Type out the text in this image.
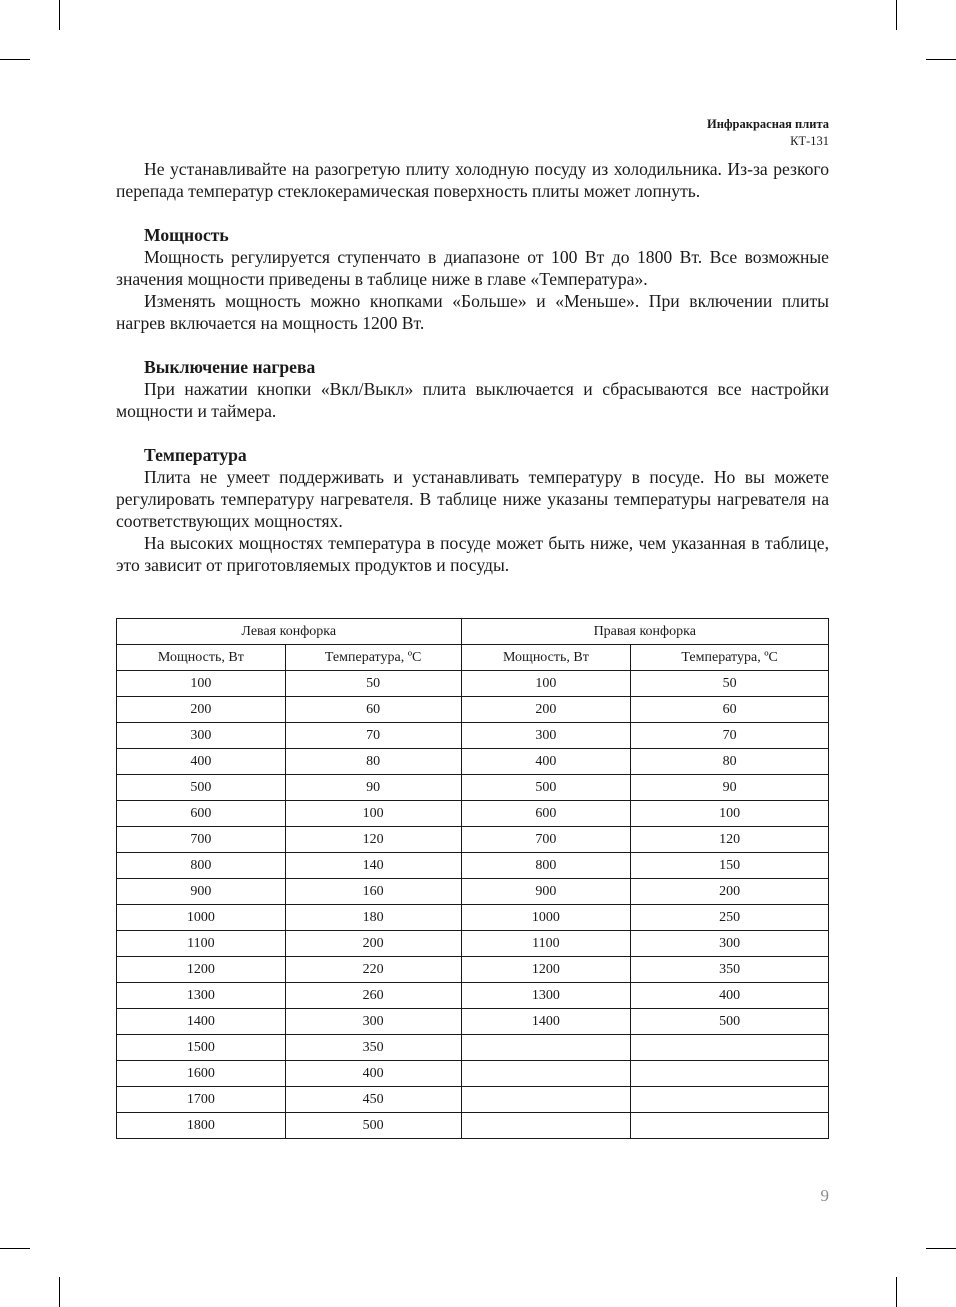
Инфракрасная плита
КТ-131

Не устанавливайте на разогретую плиту холодную посуду из холодильника. Из-за резкого перепада температур стеклокерамическая поверхность плиты может лопнуть.

Мощность

Мощность регулируется ступенчато в диапазоне от 100 Вт до 1800 Вт. Все возможные значения мощности приведены в таблице ниже в главе «Температура».

Изменять мощность можно кнопками «Больше» и «Меньше». При включении плиты нагрев включается на мощность 1200 Вт.

Выключение нагрева

При нажатии кнопки «Вкл/Выкл» плита выключается и сбрасываются все настройки мощности и таймера.

Температура

Плита не умеет поддерживать и устанавливать температуру в посуде. Но вы можете регулировать температуру нагревателя. В таблице ниже указаны температуры нагревателя на соответствующих мощностях.

На высоких мощностях температура в посуде может быть ниже, чем указанная в таблице, это зависит от приготовляемых продуктов и посуды.

Левая конфорка		Правая конфорка	
Мощность, Вт	Температура, ºС	Мощность, Вт	Температура, ºС
100	50	100	50
200	60	200	60
300	70	300	70
400	80	400	80
500	90	500	90
600	100	600	100
700	120	700	120
800	140	800	150
900	160	900	200
1000	180	1000	250
1100	200	1100	300
1200	220	1200	350
1300	260	1300	400
1400	300	1400	500
1500	350		
1600	400		
1700	450		
1800	500		
9
